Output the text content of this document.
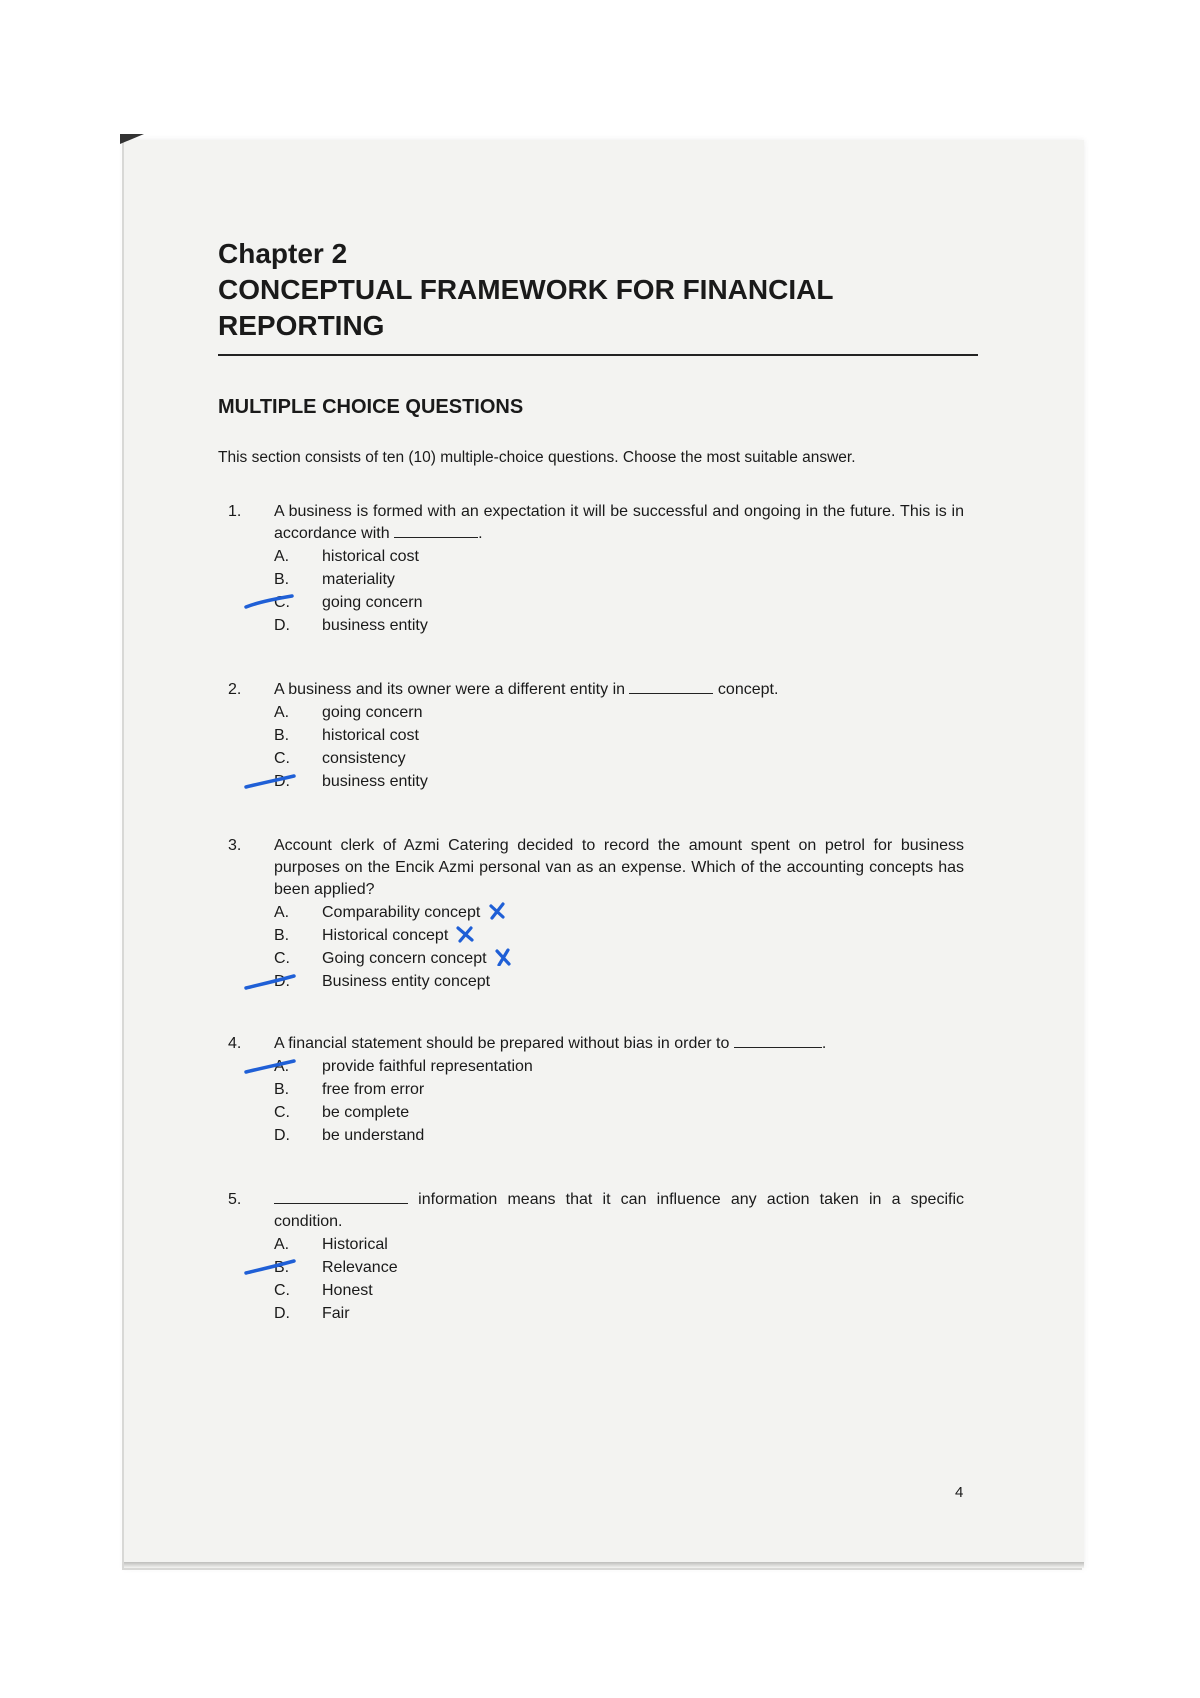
Chapter 2
CONCEPTUAL FRAMEWORK FOR FINANCIAL REPORTING
MULTIPLE CHOICE QUESTIONS
This section consists of ten (10) multiple-choice questions. Choose the most suitable answer.
1. A business is formed with an expectation it will be successful and ongoing in the future. This is in accordance with	.
A. historical cost
B. materiality
C. going concern
D. business entity
2. A business and its owner were a different entity in	concept.
A. going concern
B. historical cost
C. consistency
D. business entity
3. Account clerk of Azmi Catering decided to record the amount spent on petrol for business purposes on the Encik Azmi personal van as an expense. Which of the accounting concepts has been applied?
A. Comparability concept
B. Historical concept
C. Going concern concept
D. Business entity concept
4. A financial statement should be prepared without bias in order to	.
A. provide faithful representation
B. free from error
C. be complete
D. be understand
5.	information means that it can influence any action taken in a specific condition.
A. Historical
B. Relevance
C. Honest
D. Fair
4
